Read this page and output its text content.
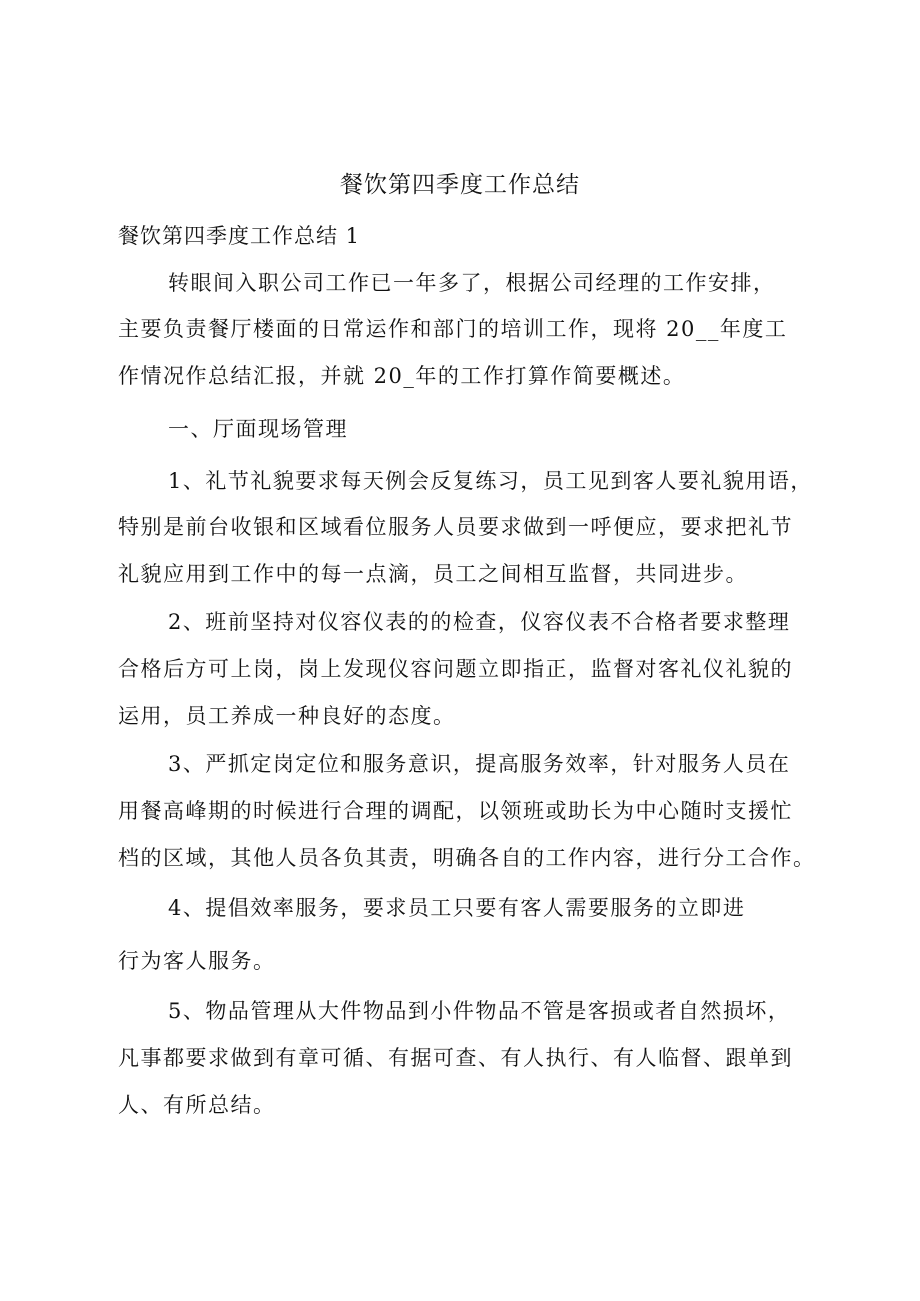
餐饮第四季度工作总结

餐饮第四季度工作总结 1

转眼间入职公司工作已一年多了，根据公司经理的工作安排，

主要负责餐厅楼面的日常运作和部门的培训工作，现将 20__年度工

作情况作总结汇报，并就 20_年的工作打算作简要概述。

一、厅面现场管理

1、礼节礼貌要求每天例会反复练习，员工见到客人要礼貌用语，

特别是前台收银和区域看位服务人员要求做到一呼便应，要求把礼节

礼貌应用到工作中的每一点滴，员工之间相互监督，共同进步。

2、班前坚持对仪容仪表的的检查，仪容仪表不合格者要求整理

合格后方可上岗，岗上发现仪容问题立即指正，监督对客礼仪礼貌的

运用，员工养成一种良好的态度。

3、严抓定岗定位和服务意识，提高服务效率，针对服务人员在

用餐高峰期的时候进行合理的调配，以领班或助长为中心随时支援忙

档的区域，其他人员各负其责，明确各自的工作内容，进行分工合作。

4、提倡效率服务，要求员工只要有客人需要服务的立即进

行为客人服务。

5、物品管理从大件物品到小件物品不管是客损或者自然损坏，

凡事都要求做到有章可循、有据可查、有人执行、有人临督、跟单到

人、有所总结。
